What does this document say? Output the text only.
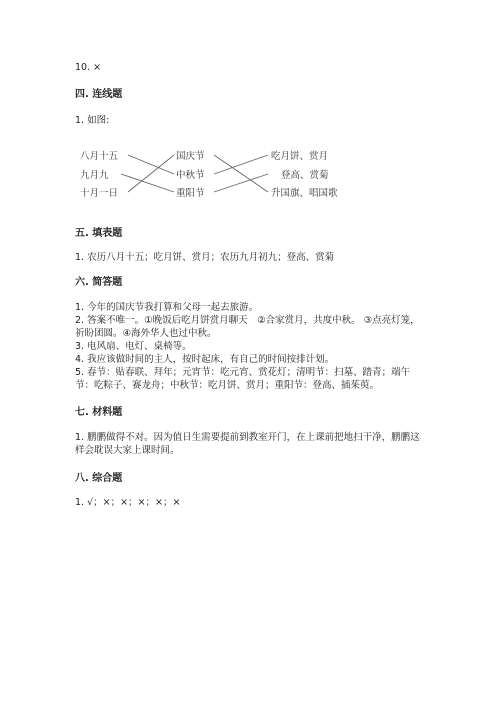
10. ×
四. 连线题
1. 如图:
八月十五
九月九
十月一日
国庆节
中秋节
重阳节
吃月饼、赏月
登高、赏菊
升国旗、唱国歌
五. 填表题
1. 农历八月十五；吃月饼、赏月；农历九月初九；登高、赏菊
六. 简答题
1. 今年的国庆节我打算和父母一起去旅游。
2. 答案不唯一。①晚饭后吃月饼赏月聊天　②合家赏月，共度中秋。 ③点亮灯笼，祈盼团圆。④海外华人也过中秋。
3. 电风扇、电灯、桌椅等。
4. 我应该做时间的主人，按时起床，有自己的时间按排计划。
5. 春节：贴春联、拜年；元宵节：吃元宵、赏花灯；清明节：扫墓、踏青；端午节：吃粽子、赛龙舟；中秋节：吃月饼、赏月；重阳节：登高、插茱萸。
七. 材料题
1. 鹏鹏做得不对。因为值日生需要提前到教室开门，在上课前把地扫干净，鹏鹏这样会耽误大家上课时间。
八. 综合题
1. √；×；×；×；×；×
